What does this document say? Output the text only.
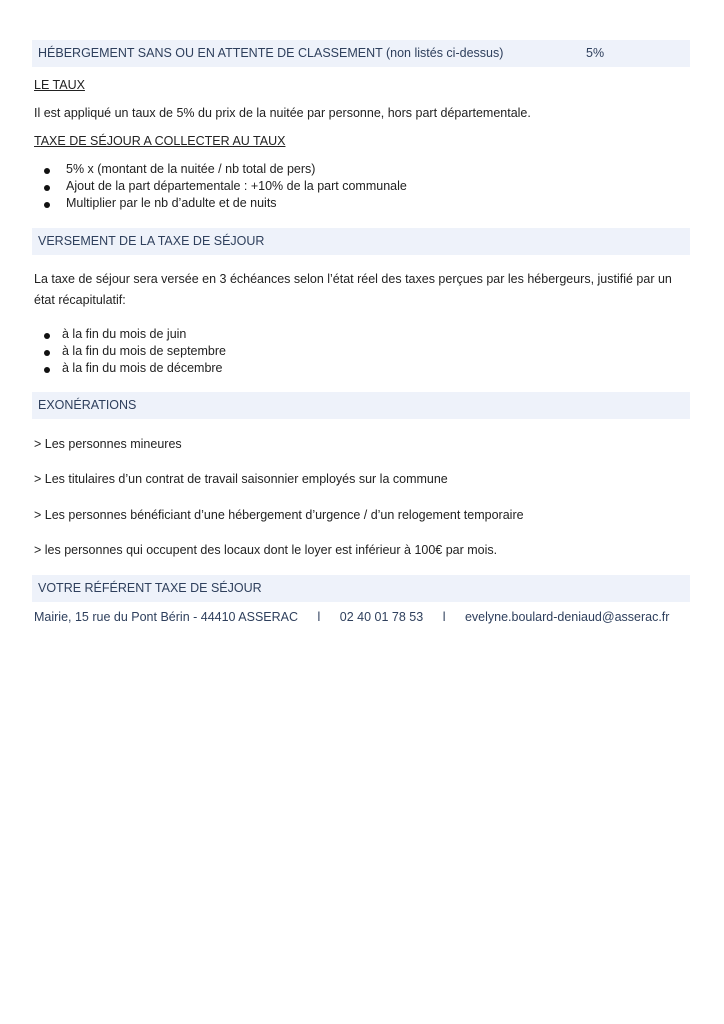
HÉBERGEMENT SANS OU EN ATTENTE DE CLASSEMENT (non listés ci-dessus)	5%
LE TAUX
Il est appliqué un taux de 5% du prix de la nuitée par personne, hors part départementale.
TAXE DE SÉJOUR A COLLECTER AU TAUX
5% x (montant de la nuitée / nb total de pers)
Ajout de la part départementale : +10% de la part communale
Multiplier par le nb d’adulte et de nuits
VERSEMENT DE LA TAXE DE SÉJOUR
La taxe de séjour sera versée en 3 échéances selon l’état réel des taxes perçues par les hébergeurs, justifié par un état récapitulatif:
à la fin du mois de juin
à la fin du mois de septembre
à la fin du mois de décembre
EXONÉRATIONS
> Les personnes mineures
> Les titulaires d’un contrat de travail saisonnier employés sur la commune
> Les personnes bénéficiant d’une hébergement d’urgence / d’un relogement temporaire
> les personnes qui occupent des locaux dont le loyer est inférieur à 100€ par mois.
VOTRE RÉFÉRENT TAXE DE SÉJOUR
Mairie, 15 rue du Pont Bérin - 44410 ASSERAC l 02 40 01 78 53 l evelyne.boulard-deniaud@asserac.fr
